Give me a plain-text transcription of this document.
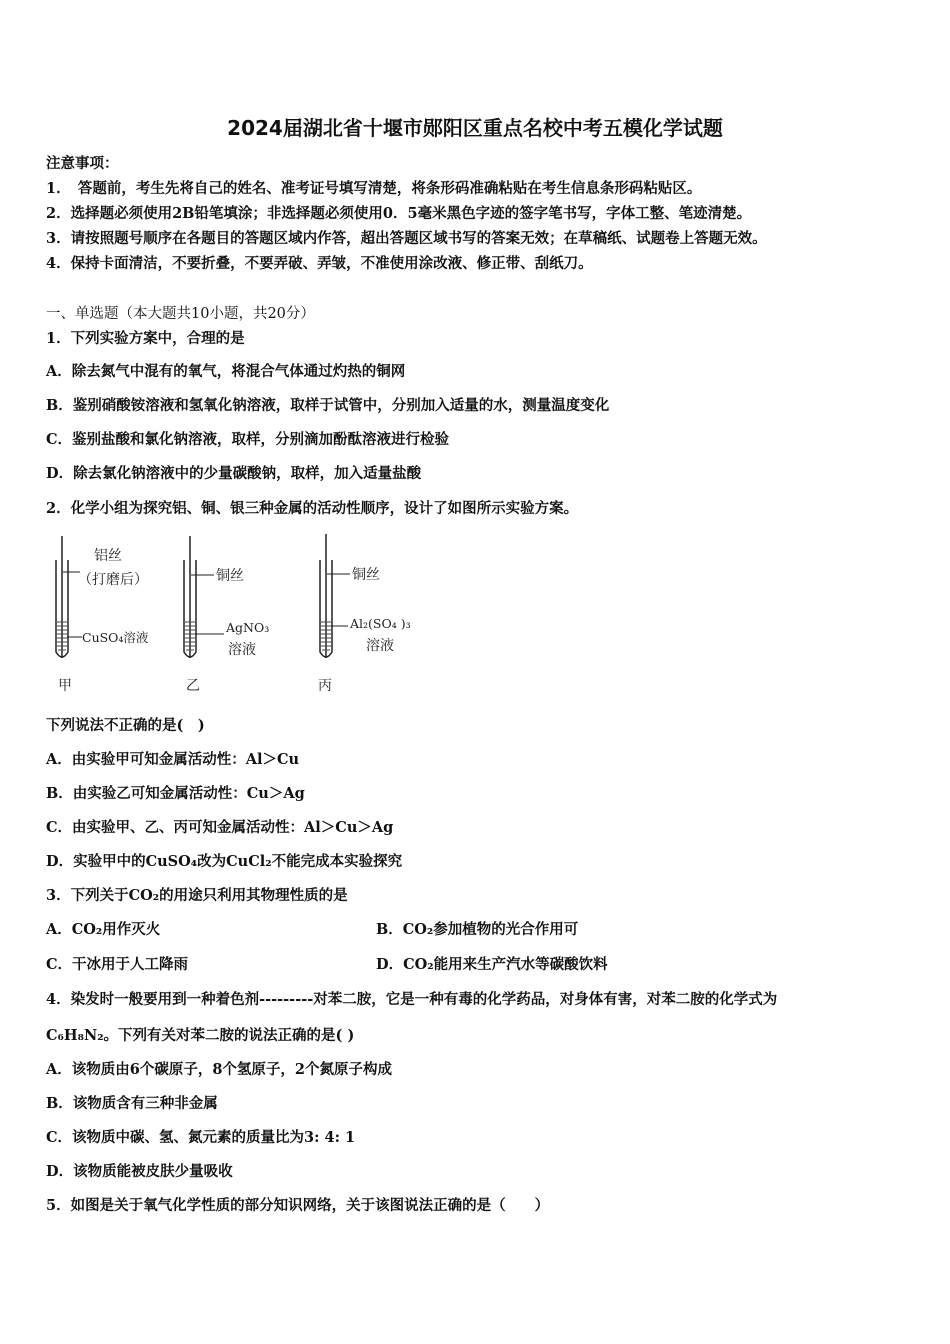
2024届湖北省十堰市郧阳区重点名校中考五模化学试题
注意事项：
1．　答题前，考生先将自己的姓名、准考证号填写清楚，将条形码准确粘贴在考生信息条形码粘贴区。
2．选择题必须使用2B铅笔填涂；非选择题必须使用0．5毫米黑色字迹的签字笔书写，字体工整、笔迹清楚。
3．请按照题号顺序在各题目的答题区域内作答，超出答题区域书写的答案无效；在草稿纸、试题卷上答题无效。
4．保持卡面清洁，不要折叠，不要弄破、弄皱，不准使用涂改液、修正带、刮纸刀。
一、单选题（本大题共10小题，共20分）
1．下列实验方案中，合理的是
A．除去氮气中混有的氧气，将混合气体通过灼热的铜网
B．鉴别硝酸铵溶液和氢氧化钠溶液，取样于试管中，分别加入适量的水，测量温度变化
C．鉴别盐酸和氯化钠溶液，取样，分别滴加酚酞溶液进行检验
D．除去氯化钠溶液中的少量碳酸钠，取样，加入适量盐酸
2．化学小组为探究铝、铜、银三种金属的活动性顺序，设计了如图所示实验方案。
铝丝
（打磨后）
CuSO₄溶液
甲
铜丝
AgNO₃
溶液
乙
铜丝
Al₂(SO₄ )₃
溶液
丙
下列说法不正确的是(　)
A．由实验甲可知金属活动性：Al＞Cu
B．由实验乙可知金属活动性：Cu＞Ag
C．由实验甲、乙、丙可知金属活动性：Al＞Cu＞Ag
D．实验甲中的CuSO₄改为CuCl₂不能完成本实验探究
3．下列关于CO₂的用途只利用其物理性质的是
A．CO₂用作灭火	B．CO₂参加植物的光合作用可
C．干冰用于人工降雨	D．CO₂能用来生产汽水等碳酸饮料
4．染发时一般要用到一种着色剂---------对苯二胺，它是一种有毒的化学药品，对身体有害，对苯二胺的化学式为
C₆H₈N₂。下列有关对苯二胺的说法正确的是( )
A．该物质由6个碳原子，8个氢原子，2个氮原子构成
B．该物质含有三种非金属
C．该物质中碳、氢、氮元素的质量比为3: 4: 1
D．该物质能被皮肤少量吸收
5．如图是关于氧气化学性质的部分知识网络，关于该图说法正确的是（　　）
